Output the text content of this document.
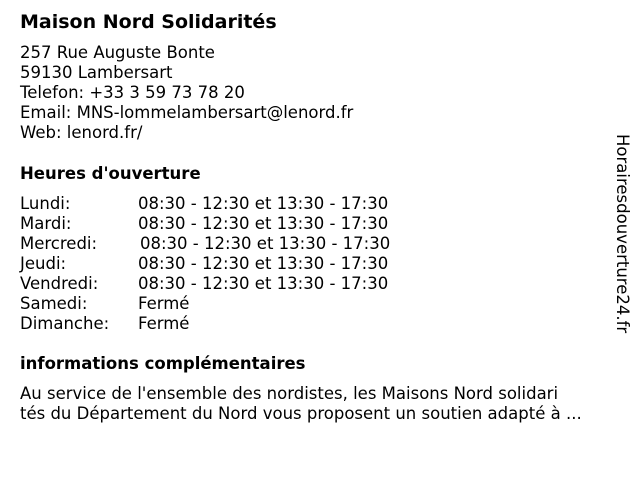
Maison Nord Solidarités
257 Rue Auguste Bonte
59130 Lambersart
Telefon: +33 3 59 73 78 20
Email: MNS-lommelambersart@lenord.fr
Web: lenord.fr/
Heures d'ouverture
Lundi:	08:30 - 12:30 et 13:30 - 17:30
Mardi:	08:30 - 12:30 et 13:30 - 17:30
Mercredi:	08:30 - 12:30 et 13:30 - 17:30
Jeudi:	08:30 - 12:30 et 13:30 - 17:30
Vendredi: 08:30 - 12:30 et 13:30 - 17:30
Samedi:	Fermé
Dimanche: Fermé
informations complémentaires
Au service de l'ensemble des nordistes, les Maisons Nord solidari
tés du Département du Nord vous proposent un soutien adapté à ...
Horairesdouverture24.fr
